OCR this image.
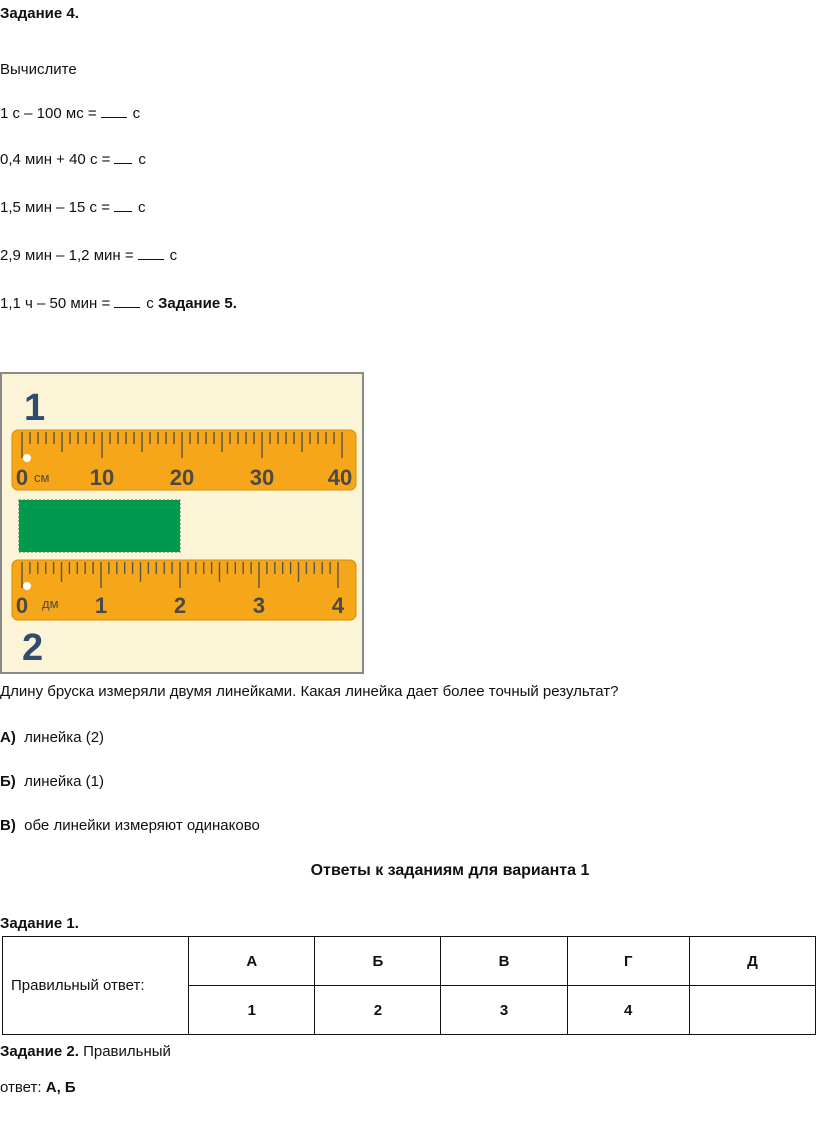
Задание 4.
Вычислите
1 с – 100 мс = с
0,4 мин + 40 с = с
1,5 мин – 15 с = с
2,9 мин – 1,2 мин = с
1,1 ч – 50 мин = с Задание 5.
1
0	10	20	30 40
см
0	1	2	3	4
дм
2
Длину бруска измеряли двумя линейками. Какая линейка дает более точный результат?
А) линейка (2)
Б) линейка (1)
В) обе линейки измеряют одинаково
Ответы к заданиям для варианта 1
Задание 1.
Правильный ответ:	А	Б	В	Г	Д
	1	2	3	4	
Задание 2. Правильный
ответ: А, Б
